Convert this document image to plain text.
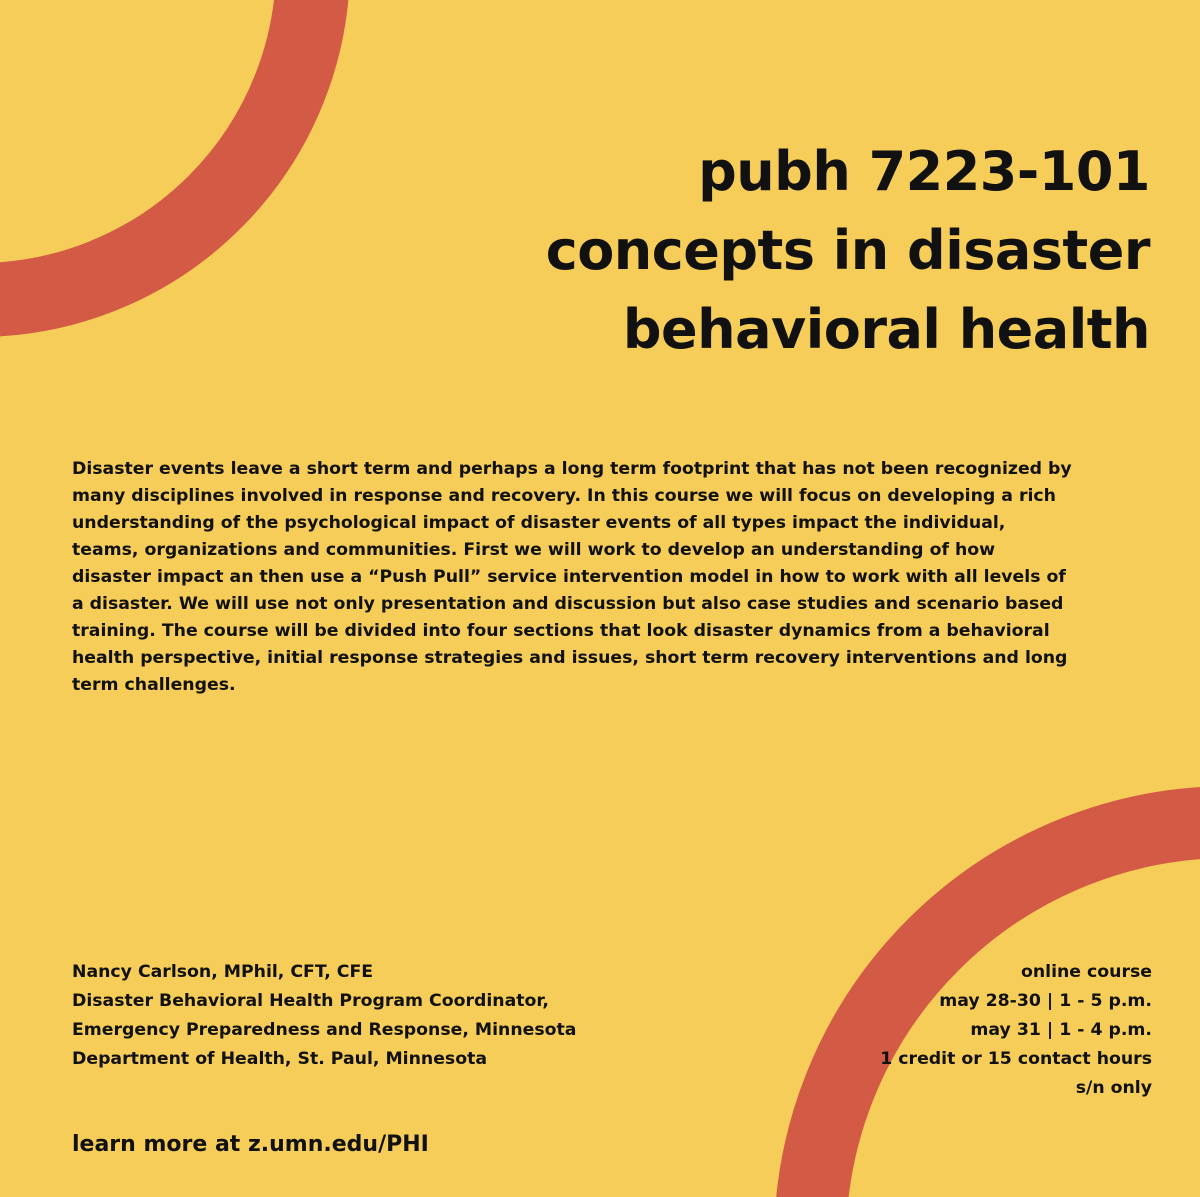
pubh 7223-101
concepts in disaster
behavioral health

Disaster events leave a short term and perhaps a long term footprint that has not been recognized by many disciplines involved in response and recovery. In this course we will focus on developing a rich understanding of the psychological impact of disaster events of all types impact the individual, teams, organizations and communities. First we will work to develop an understanding of how disaster impact an then use a “Push Pull” service intervention model in how to work with all levels of a disaster. We will use not only presentation and discussion but also case studies and scenario based training. The course will be divided into four sections that look disaster dynamics from a behavioral health perspective, initial response strategies and issues, short term recovery interventions and long term challenges.

Nancy Carlson, MPhil, CFT, CFE
Disaster Behavioral Health Program Coordinator,
Emergency Preparedness and Response, Minnesota
Department of Health, St. Paul, Minnesota
online course
may 28-30 | 1 - 5 p.m.
may 31 | 1 - 4 p.m.
1 credit or 15 contact hours
s/n only
learn more at z.umn.edu/PHI
